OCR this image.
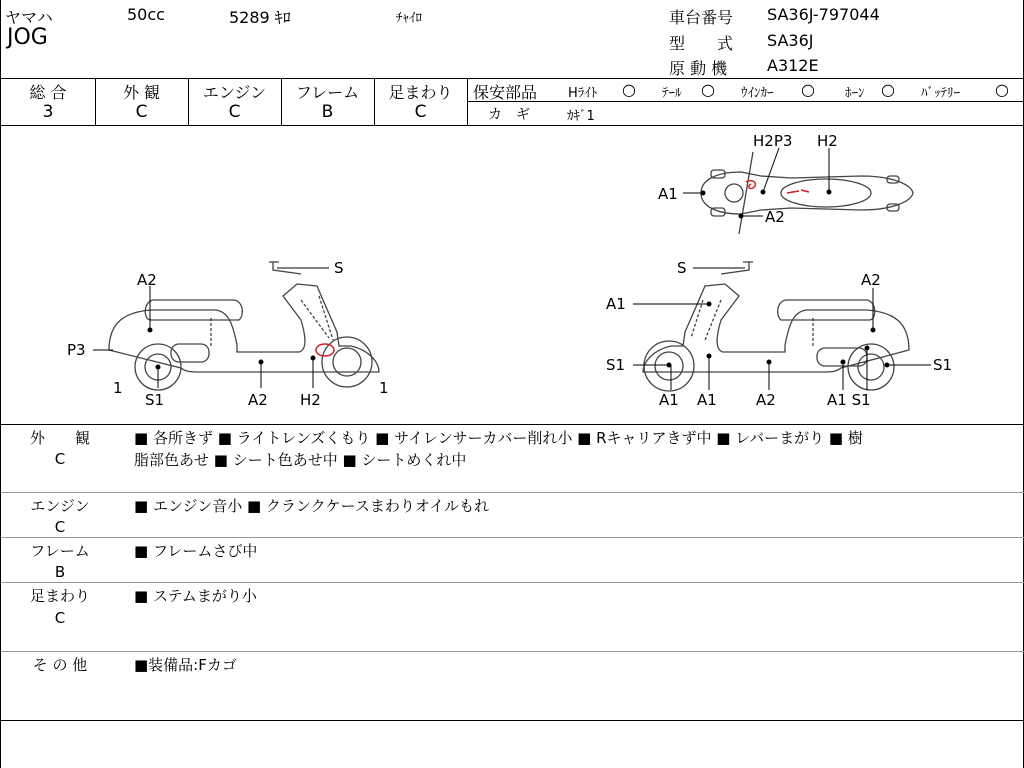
ヤマハ	50cc	5289 ｷﾛ	ﾁｬｲﾛ
JOG
車台番号 SA36J-797044
型　　式 SA36J
原 動 機 A312E
総 合
3
外 観
C
エンジン
C
フレーム
B
足まわり
C
保安部品 Hﾗｲﾄ ○ ﾃｰﾙ ○ ｳｲﾝｶｰ ○ ﾎｰﾝ ○ ﾊﾞｯﾃﾘｰ ○
カ　ギ	ｶｷﾞ1
H2P3 H2
A1
A2
S
A2
P3
1	1
S1	A2 H2
S
A1
A2
S1	S1
A1 A1	A2	A1 S1
外　　観
C
■ 各所きず ■ ライトレンズくもり ■ サイレンサーカバー削れ小 ■ Rキャリアきず中 ■ レバーまがり ■ 樹
脂部色あせ ■ シート色あせ中 ■ シートめくれ中
エンジン
C
■ エンジン音小 ■ クランクケースまわりオイルもれ
フレーム
B
■ フレームさび中
足まわり
C
■ ステムまがり小
そ の 他	■装備品:Fカゴ
